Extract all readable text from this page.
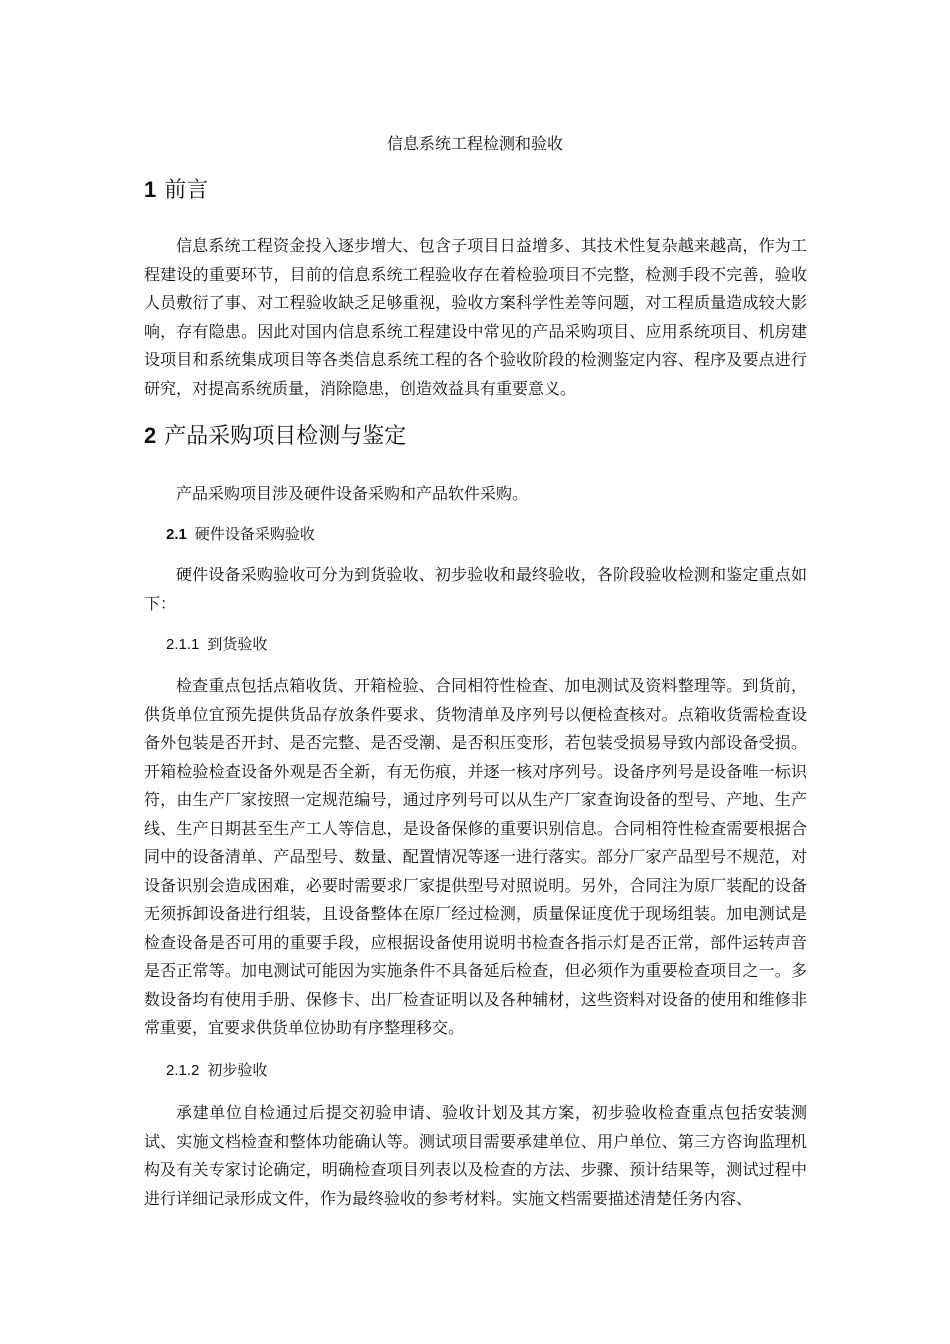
信息系统工程检测和验收
1 前言

信息系统工程资金投入逐步增大、包含子项目日益增多、其技术性复杂越来越高，作为工程建设的重要环节，目前的信息系统工程验收存在着检验项目不完整，检测手段不完善，验收人员敷衍了事、对工程验收缺乏足够重视，验收方案科学性差等问题，对工程质量造成较大影响，存有隐患。因此对国内信息系统工程建设中常见的产品采购项目、应用系统项目、机房建设项目和系统集成项目等各类信息系统工程的各个验收阶段的检测鉴定内容、程序及要点进行研究，对提高系统质量，消除隐患，创造效益具有重要意义。

2 产品采购项目检测与鉴定

产品采购项目涉及硬件设备采购和产品软件采购。

2.1 硬件设备采购验收

硬件设备采购验收可分为到货验收、初步验收和最终验收，各阶段验收检测和鉴定重点如下：

2.1.1 到货验收

检查重点包括点箱收货、开箱检验、合同相符性检查、加电测试及资料整理等。到货前，供货单位宜预先提供货品存放条件要求、货物清单及序列号以便检查核对。点箱收货需检查设备外包装是否开封、是否完整、是否受潮、是否积压变形，若包装受损易导致内部设备受损。开箱检验检查设备外观是否全新，有无伤痕，并逐一核对序列号。设备序列号是设备唯一标识符，由生产厂家按照一定规范编号，通过序列号可以从生产厂家查询设备的型号、产地、生产线、生产日期甚至生产工人等信息，是设备保修的重要识别信息。合同相符性检查需要根据合同中的设备清单、产品型号、数量、配置情况等逐一进行落实。部分厂家产品型号不规范，对设备识别会造成困难，必要时需要求厂家提供型号对照说明。另外，合同注为原厂装配的设备无须拆卸设备进行组装，且设备整体在原厂经过检测，质量保证度优于现场组装。加电测试是检查设备是否可用的重要手段，应根据设备使用说明书检查各指示灯是否正常，部件运转声音是否正常等。加电测试可能因为实施条件不具备延后检查，但必须作为重要检查项目之一。多数设备均有使用手册、保修卡、出厂检查证明以及各种辅材，这些资料对设备的使用和维修非常重要，宜要求供货单位协助有序整理移交。

2.1.2 初步验收

承建单位自检通过后提交初验申请、验收计划及其方案，初步验收检查重点包括安装测试、实施文档检查和整体功能确认等。测试项目需要承建单位、用户单位、第三方咨询监理机构及有关专家讨论确定，明确检查项目列表以及检查的方法、步骤、预计结果等，测试过程中进行详细记录形成文件，作为最终验收的参考材料。实施文档需要描述清楚任务内容、
